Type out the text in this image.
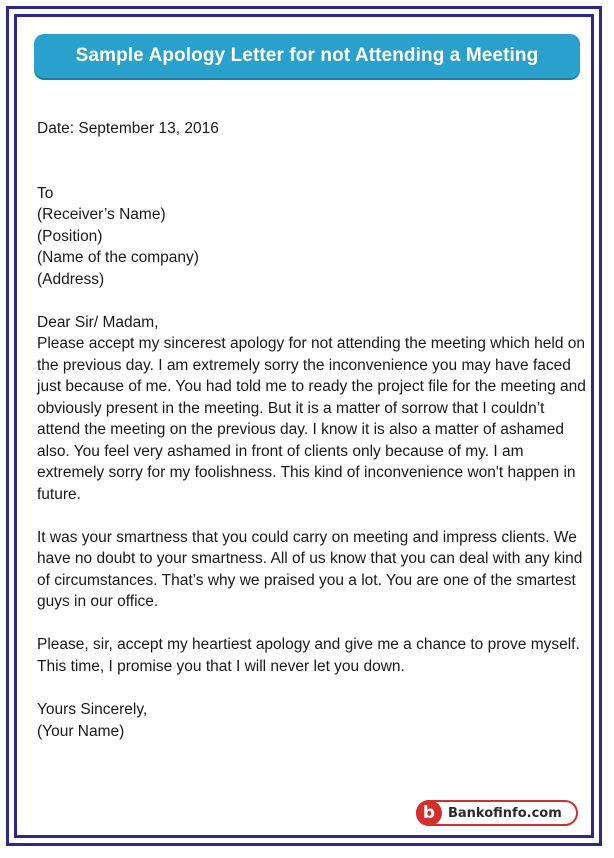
Sample Apology Letter for not Attending a Meeting

Date: September 13, 2016

To

(Receiver’s Name)

(Position)

(Name of the company)

(Address)

Dear Sir/ Madam,

Please accept my sincerest apology for not attending the meeting which held on the previous day. I am extremely sorry the inconvenience you may have faced just because of me. You had told me to ready the project file for the meeting and obviously present in the meeting. But it is a matter of sorrow that I couldn’t attend the meeting on the previous day. I know it is also a matter of ashamed also. You feel very ashamed in front of clients only because of my. I am extremely sorry for my foolishness. This kind of inconvenience won't happen in future.

It was your smartness that you could carry on meeting and impress clients. We have no doubt to your smartness. All of us know that you can deal with any kind of circumstances. That’s why we praised you a lot. You are one of the smartest guys in our office.

Please, sir, accept my heartiest apology and give me a chance to prove myself. This time, I promise you that I will never let you down.

Yours Sincerely,

(Your Name)

b Bankofinfo.com
